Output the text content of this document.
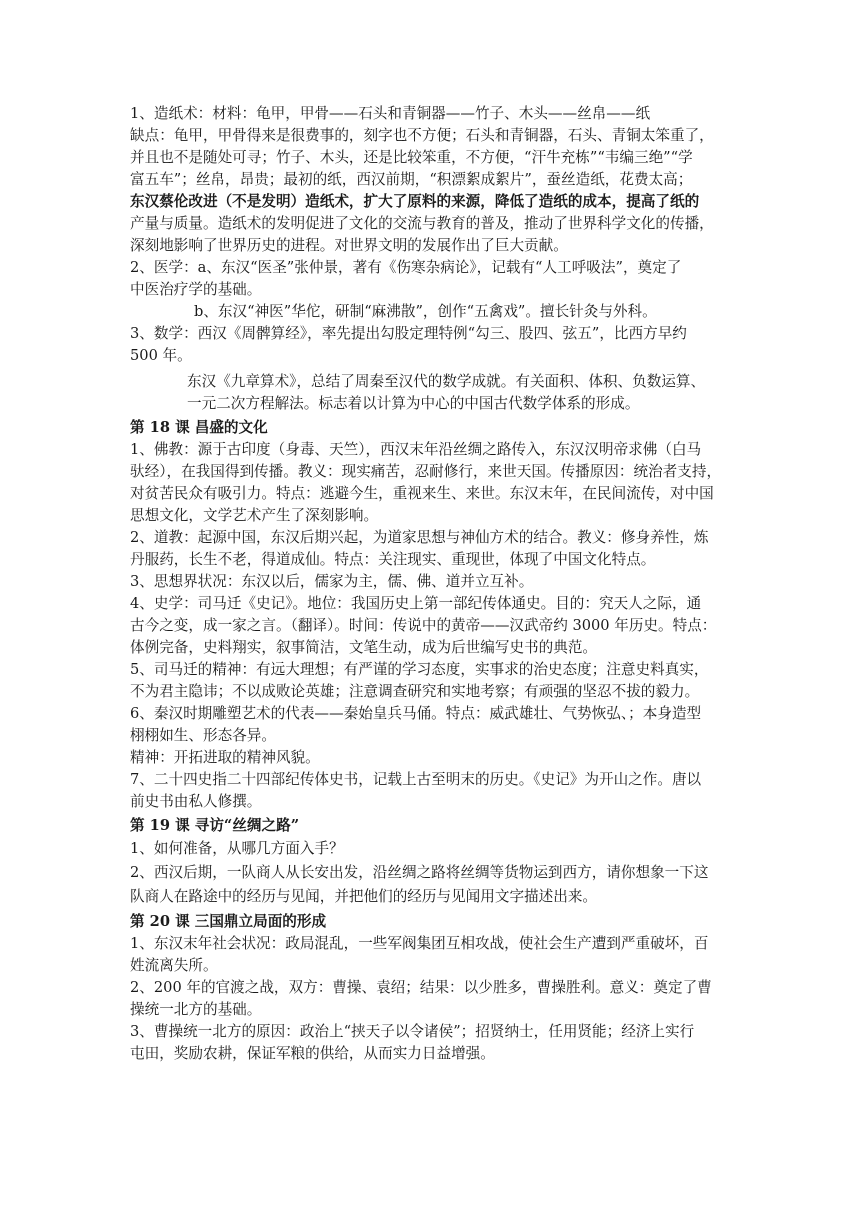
1、造纸术：材料：龟甲，甲骨——石头和青铜器——竹子、木头——丝帛——纸

缺点：龟甲，甲骨得来是很费事的，刻字也不方便；石头和青铜器，石头、青铜太笨重了，

并且也不是随处可寻；竹子、木头，还是比较笨重，不方便，“汗牛充栋”“韦编三绝”“学

富五车”；丝帛，昂贵；最初的纸，西汉前期，“积漂絮成絮片”，蚕丝造纸，花费太高；

东汉蔡伦改进（不是发明）造纸术，扩大了原料的来源，降低了造纸的成本，提高了纸的

产量与质量。造纸术的发明促进了文化的交流与教育的普及，推动了世界科学文化的传播，

深刻地影响了世界历史的进程。对世界文明的发展作出了巨大贡献。

2、医学：a、东汉“医圣”张仲景，著有《伤寒杂病论》，记载有“人工呼吸法”，奠定了

中医治疗学的基础。

b、东汉“神医”华佗，研制“麻沸散”，创作“五禽戏”。擅长针灸与外科。

3、数学：西汉《周髀算经》，率先提出勾股定理特例“勾三、股四、弦五”，比西方早约

500 年。

东汉《九章算术》，总结了周秦至汉代的数学成就。有关面积、体积、负数运算、

一元二次方程解法。标志着以计算为中心的中国古代数学体系的形成。

第 18 课 昌盛的文化

1、佛教：源于古印度（身毒、天竺），西汉末年沿丝绸之路传入，东汉汉明帝求佛（白马

驮经），在我国得到传播。教义：现实痛苦，忍耐修行，来世天国。传播原因：统治者支持，

对贫苦民众有吸引力。特点：逃避今生，重视来生、来世。东汉末年，在民间流传，对中国

思想文化，文学艺术产生了深刻影响。

2、道教：起源中国，东汉后期兴起，为道家思想与神仙方术的结合。教义：修身养性，炼

丹服药，长生不老，得道成仙。特点：关注现实、重现世，体现了中国文化特点。

3、思想界状况：东汉以后，儒家为主，儒、佛、道并立互补。

4、史学：司马迁《史记》。地位：我国历史上第一部纪传体通史。目的：究天人之际，通

古今之变，成一家之言。（翻译）。时间：传说中的黄帝——汉武帝约 3000 年历史。特点：

体例完备，史料翔实，叙事简洁，文笔生动，成为后世编写史书的典范。

5、司马迁的精神：有远大理想；有严谨的学习态度，实事求的治史态度；注意史料真实，

不为君主隐讳；不以成败论英雄；注意调查研究和实地考察；有顽强的坚忍不拔的毅力。

6、秦汉时期雕塑艺术的代表——秦始皇兵马俑。特点：威武雄壮、气势恢弘、；本身造型

栩栩如生、形态各异。

精神：开拓进取的精神风貌。

7、二十四史指二十四部纪传体史书，记载上古至明末的历史。《史记》为开山之作。唐以

前史书由私人修撰。

第 19 课 寻访“丝绸之路”

1、如何准备，从哪几方面入手？

2、西汉后期，一队商人从长安出发，沿丝绸之路将丝绸等货物运到西方，请你想象一下这

队商人在路途中的经历与见闻，并把他们的经历与见闻用文字描述出来。

第 20 课 三国鼎立局面的形成

1、东汉末年社会状况：政局混乱，一些军阀集团互相攻战，使社会生产遭到严重破坏，百

姓流离失所。

2、200 年的官渡之战，双方：曹操、袁绍；结果：以少胜多，曹操胜利。意义：奠定了曹

操统一北方的基础。

3、曹操统一北方的原因：政治上“挟天子以令诸侯”；招贤纳士，任用贤能；经济上实行

屯田，奖励农耕，保证军粮的供给，从而实力日益增强。
